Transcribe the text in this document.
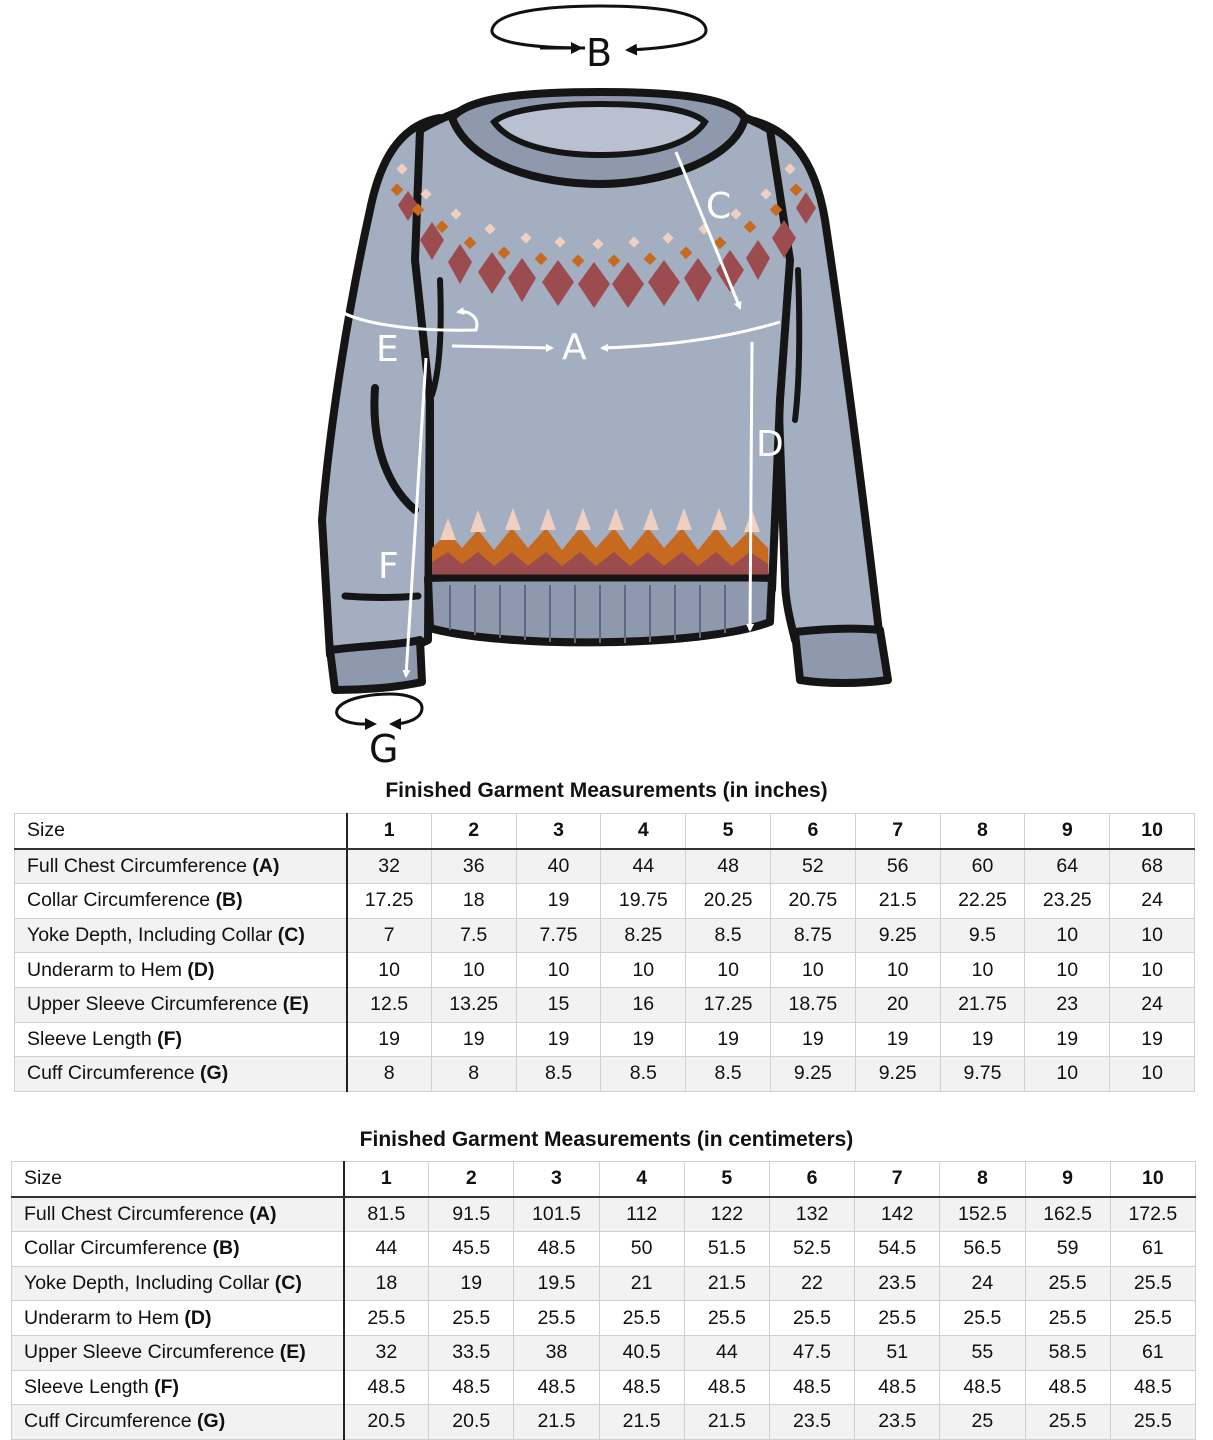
B
C
A
E
D
F
G
Finished Garment Measurements (in inches)
Size	1	2	3	4	5	6	7	8	9	10
Full Chest Circumference (A)	32	36	40	44	48	52	56	60	64	68
Collar Circumference (B)	17.25	18	19	19.75	20.25	20.75	21.5	22.25	23.25	24
Yoke Depth, Including Collar (C)	7	7.5	7.75	8.25	8.5	8.75	9.25	9.5	10	10
Underarm to Hem (D)	10	10	10	10	10	10	10	10	10	10
Upper Sleeve Circumference (E)	12.5	13.25	15	16	17.25	18.75	20	21.75	23	24
Sleeve Length (F)	19	19	19	19	19	19	19	19	19	19
Cuff Circumference (G)	8	8	8.5	8.5	8.5	9.25	9.25	9.75	10	10
Finished Garment Measurements (in centimeters)
Size	1	2	3	4	5	6	7	8	9	10
Full Chest Circumference (A)	81.5	91.5	101.5	112	122	132	142	152.5	162.5	172.5
Collar Circumference (B)	44	45.5	48.5	50	51.5	52.5	54.5	56.5	59	61
Yoke Depth, Including Collar (C)	18	19	19.5	21	21.5	22	23.5	24	25.5	25.5
Underarm to Hem (D)	25.5	25.5	25.5	25.5	25.5	25.5	25.5	25.5	25.5	25.5
Upper Sleeve Circumference (E)	32	33.5	38	40.5	44	47.5	51	55	58.5	61
Sleeve Length (F)	48.5	48.5	48.5	48.5	48.5	48.5	48.5	48.5	48.5	48.5
Cuff Circumference (G)	20.5	20.5	21.5	21.5	21.5	23.5	23.5	25	25.5	25.5
